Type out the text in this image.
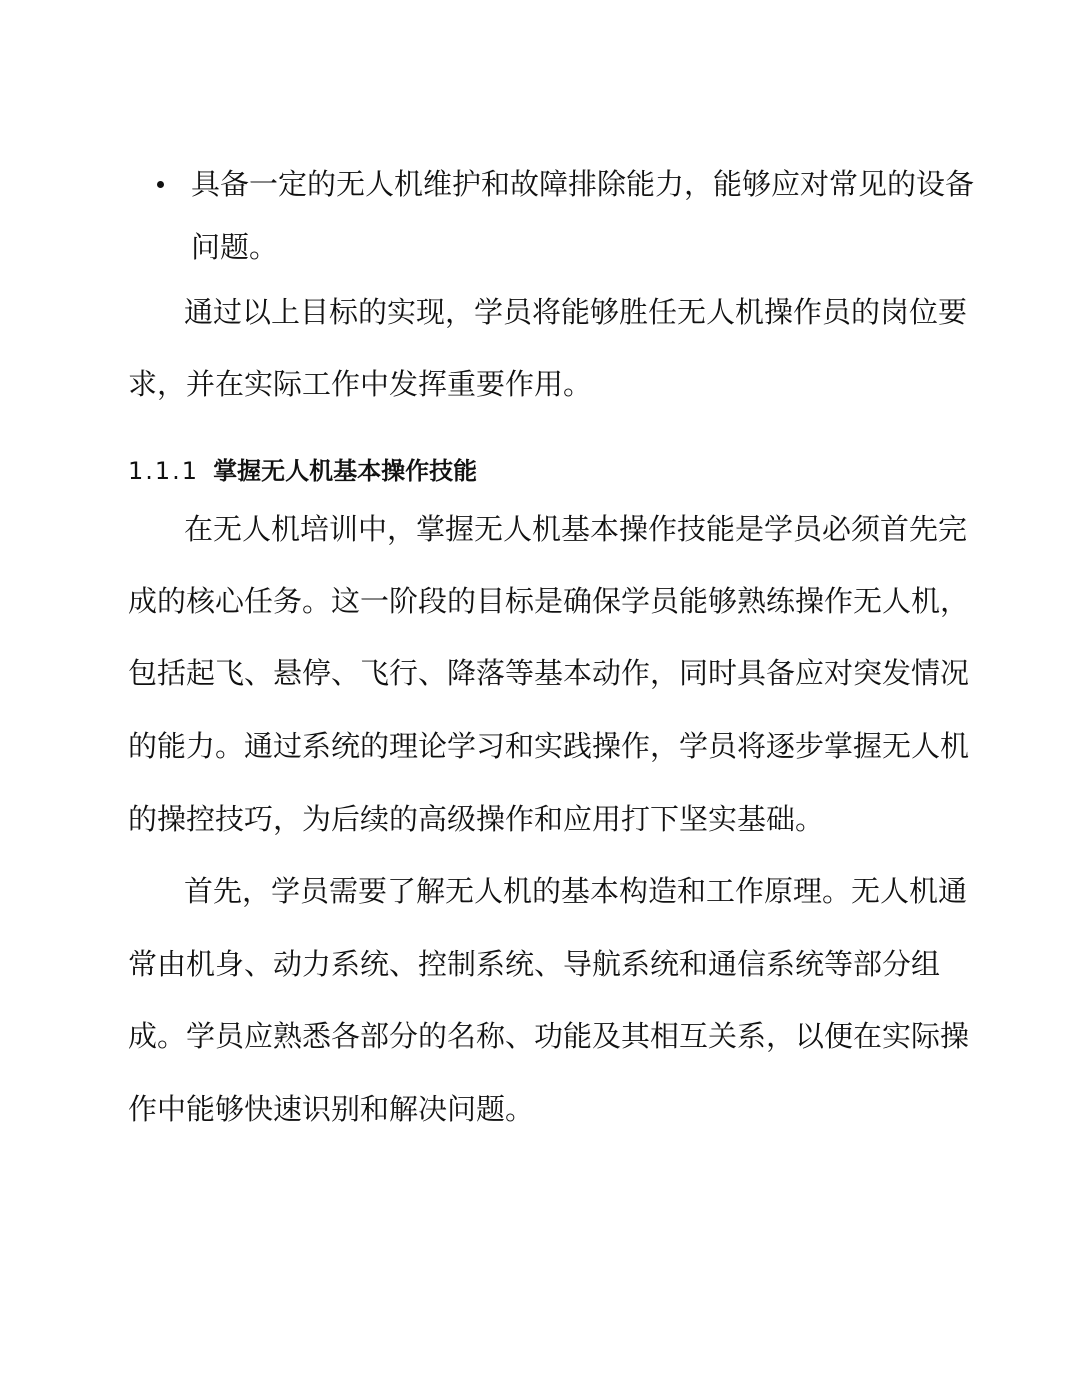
具备一定的无人机维护和故障排除能力，能够应对常见的设备
问题。
通过以上目标的实现，学员将能够胜任无人机操作员的岗位要
求，并在实际工作中发挥重要作用。
1.1.1 掌握无人机基本操作技能
在无人机培训中，掌握无人机基本操作技能是学员必须首先完
成的核心任务。这一阶段的目标是确保学员能够熟练操作无人机，
包括起飞、悬停、飞行、降落等基本动作，同时具备应对突发情况
的能力。通过系统的理论学习和实践操作，学员将逐步掌握无人机
的操控技巧，为后续的高级操作和应用打下坚实基础。
首先，学员需要了解无人机的基本构造和工作原理。无人机通
常由机身、动力系统、控制系统、导航系统和通信系统等部分组
成。学员应熟悉各部分的名称、功能及其相互关系，以便在实际操
作中能够快速识别和解决问题。
